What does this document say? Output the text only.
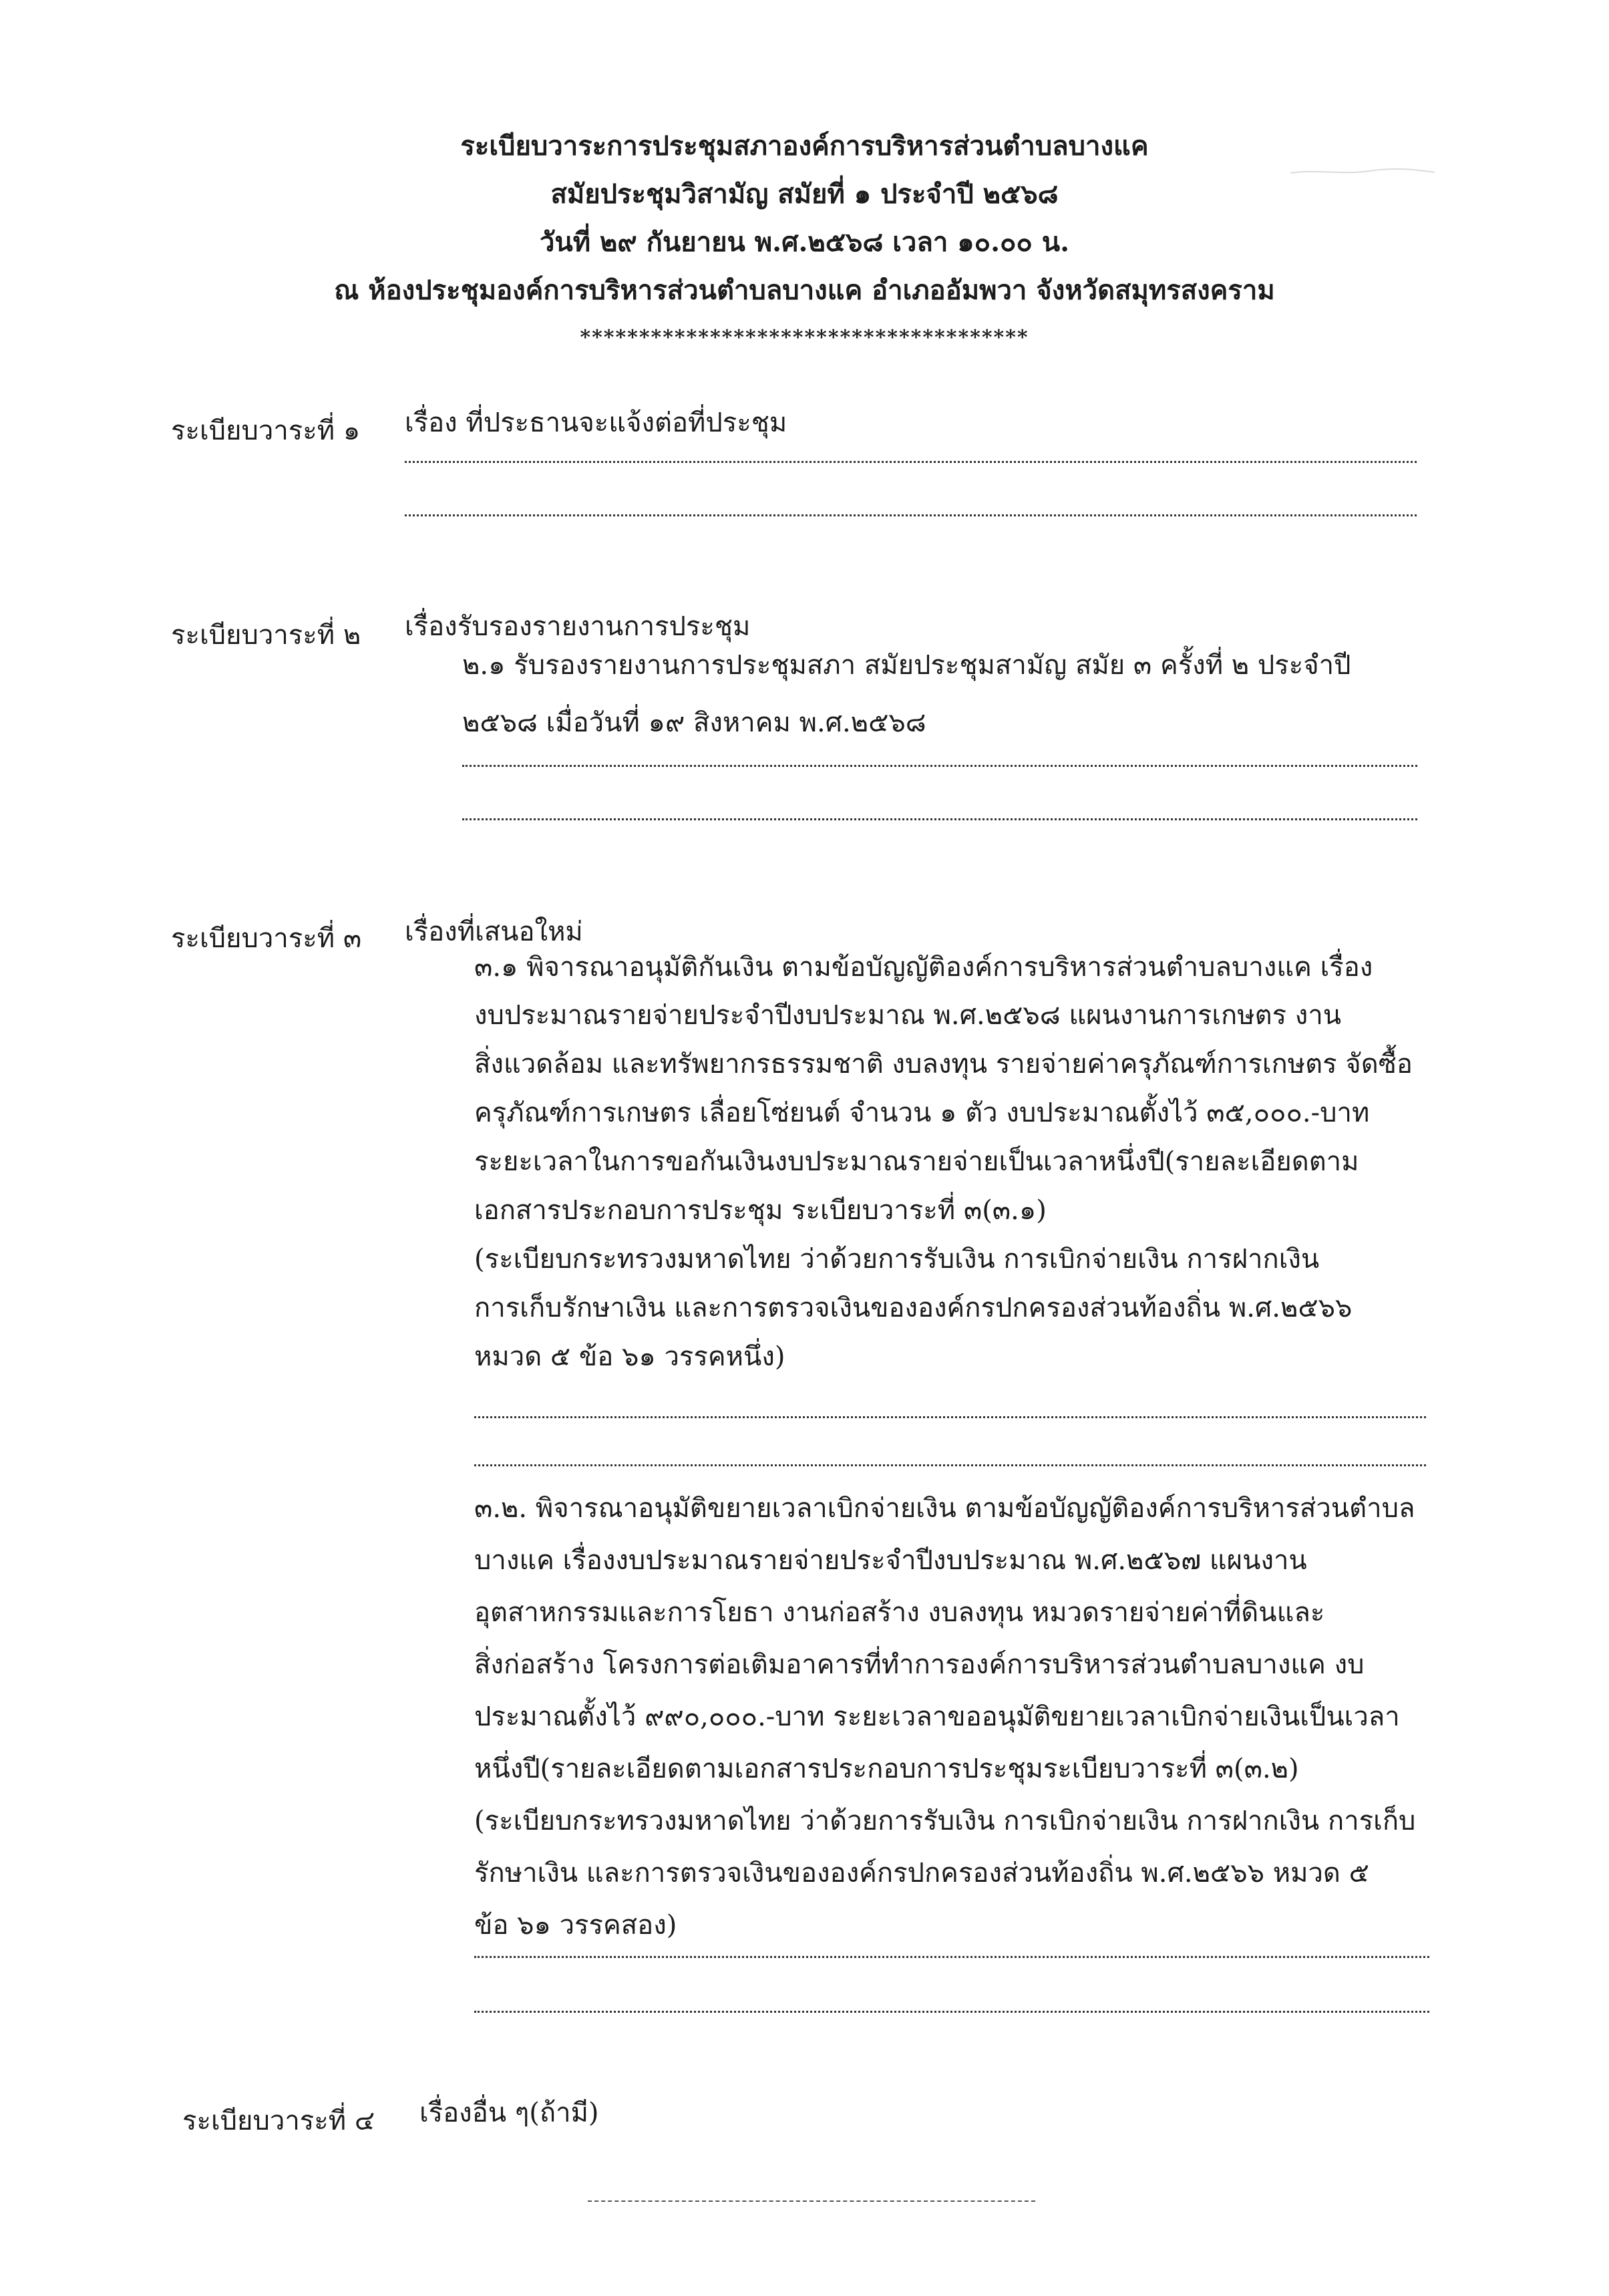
ระเบียบวาระการประชุมสภาองค์การบริหารส่วนตำบลบางแค
สมัยประชุมวิสามัญ สมัยที่ ๑ ประจำปี ๒๕๖๘
วันที่ ๒๙ กันยายน พ.ศ.๒๕๖๘ เวลา ๑๐.๐๐ น.
ณ ห้องประชุมองค์การบริหารส่วนตำบลบางแค อำเภออัมพวา จังหวัดสมุทรสงคราม
**************************************
ระเบียบวาระที่ ๑ เรื่อง ที่ประธานจะแจ้งต่อที่ประชุม
ระเบียบวาระที่ ๒ เรื่องรับรองรายงานการประชุม
๒.๑ รับรองรายงานการประชุมสภา สมัยประชุมสามัญ สมัย ๓ ครั้งที่ ๒ ประจำปี
๒๕๖๘ เมื่อวันที่ ๑๙ สิงหาคม พ.ศ.๒๕๖๘
ระเบียบวาระที่ ๓ เรื่องที่เสนอใหม่
๓.๑ พิจารณาอนุมัติกันเงิน ตามข้อบัญญัติองค์การบริหารส่วนตำบลบางแค เรื่อง
งบประมาณรายจ่ายประจำปีงบประมาณ พ.ศ.๒๕๖๘ แผนงานการเกษตร งาน
สิ่งแวดล้อม และทรัพยากรธรรมชาติ งบลงทุน รายจ่ายค่าครุภัณฑ์การเกษตร จัดซื้อ
ครุภัณฑ์การเกษตร เลื่อยโซ่ยนต์ จำนวน ๑ ตัว งบประมาณตั้งไว้ ๓๕,๐๐๐.-บาท
ระยะเวลาในการขอกันเงินงบประมาณรายจ่ายเป็นเวลาหนึ่งปี(รายละเอียดตาม
เอกสารประกอบการประชุม ระเบียบวาระที่ ๓(๓.๑)
(ระเบียบกระทรวงมหาดไทย ว่าด้วยการรับเงิน การเบิกจ่ายเงิน การฝากเงิน
การเก็บรักษาเงิน และการตรวจเงินขององค์กรปกครองส่วนท้องถิ่น พ.ศ.๒๕๖๖
หมวด ๕ ข้อ ๖๑ วรรคหนึ่ง)
๓.๒. พิจารณาอนุมัติขยายเวลาเบิกจ่ายเงิน ตามข้อบัญญัติองค์การบริหารส่วนตำบล
บางแค เรื่องงบประมาณรายจ่ายประจำปีงบประมาณ พ.ศ.๒๕๖๗ แผนงาน
อุตสาหกรรมและการโยธา งานก่อสร้าง งบลงทุน หมวดรายจ่ายค่าที่ดินและ
สิ่งก่อสร้าง โครงการต่อเติมอาคารที่ทำการองค์การบริหารส่วนตำบลบางแค งบ
ประมาณตั้งไว้ ๙๙๐,๐๐๐.-บาท ระยะเวลาขออนุมัติขยายเวลาเบิกจ่ายเงินเป็นเวลา
หนึ่งปี(รายละเอียดตามเอกสารประกอบการประชุมระเบียบวาระที่ ๓(๓.๒)
(ระเบียบกระทรวงมหาดไทย ว่าด้วยการรับเงิน การเบิกจ่ายเงิน การฝากเงิน การเก็บ
รักษาเงิน และการตรวจเงินขององค์กรปกครองส่วนท้องถิ่น พ.ศ.๒๕๖๖ หมวด ๕
ข้อ ๖๑ วรรคสอง)
ระเบียบวาระที่ ๔ เรื่องอื่น ๆ(ถ้ามี)
